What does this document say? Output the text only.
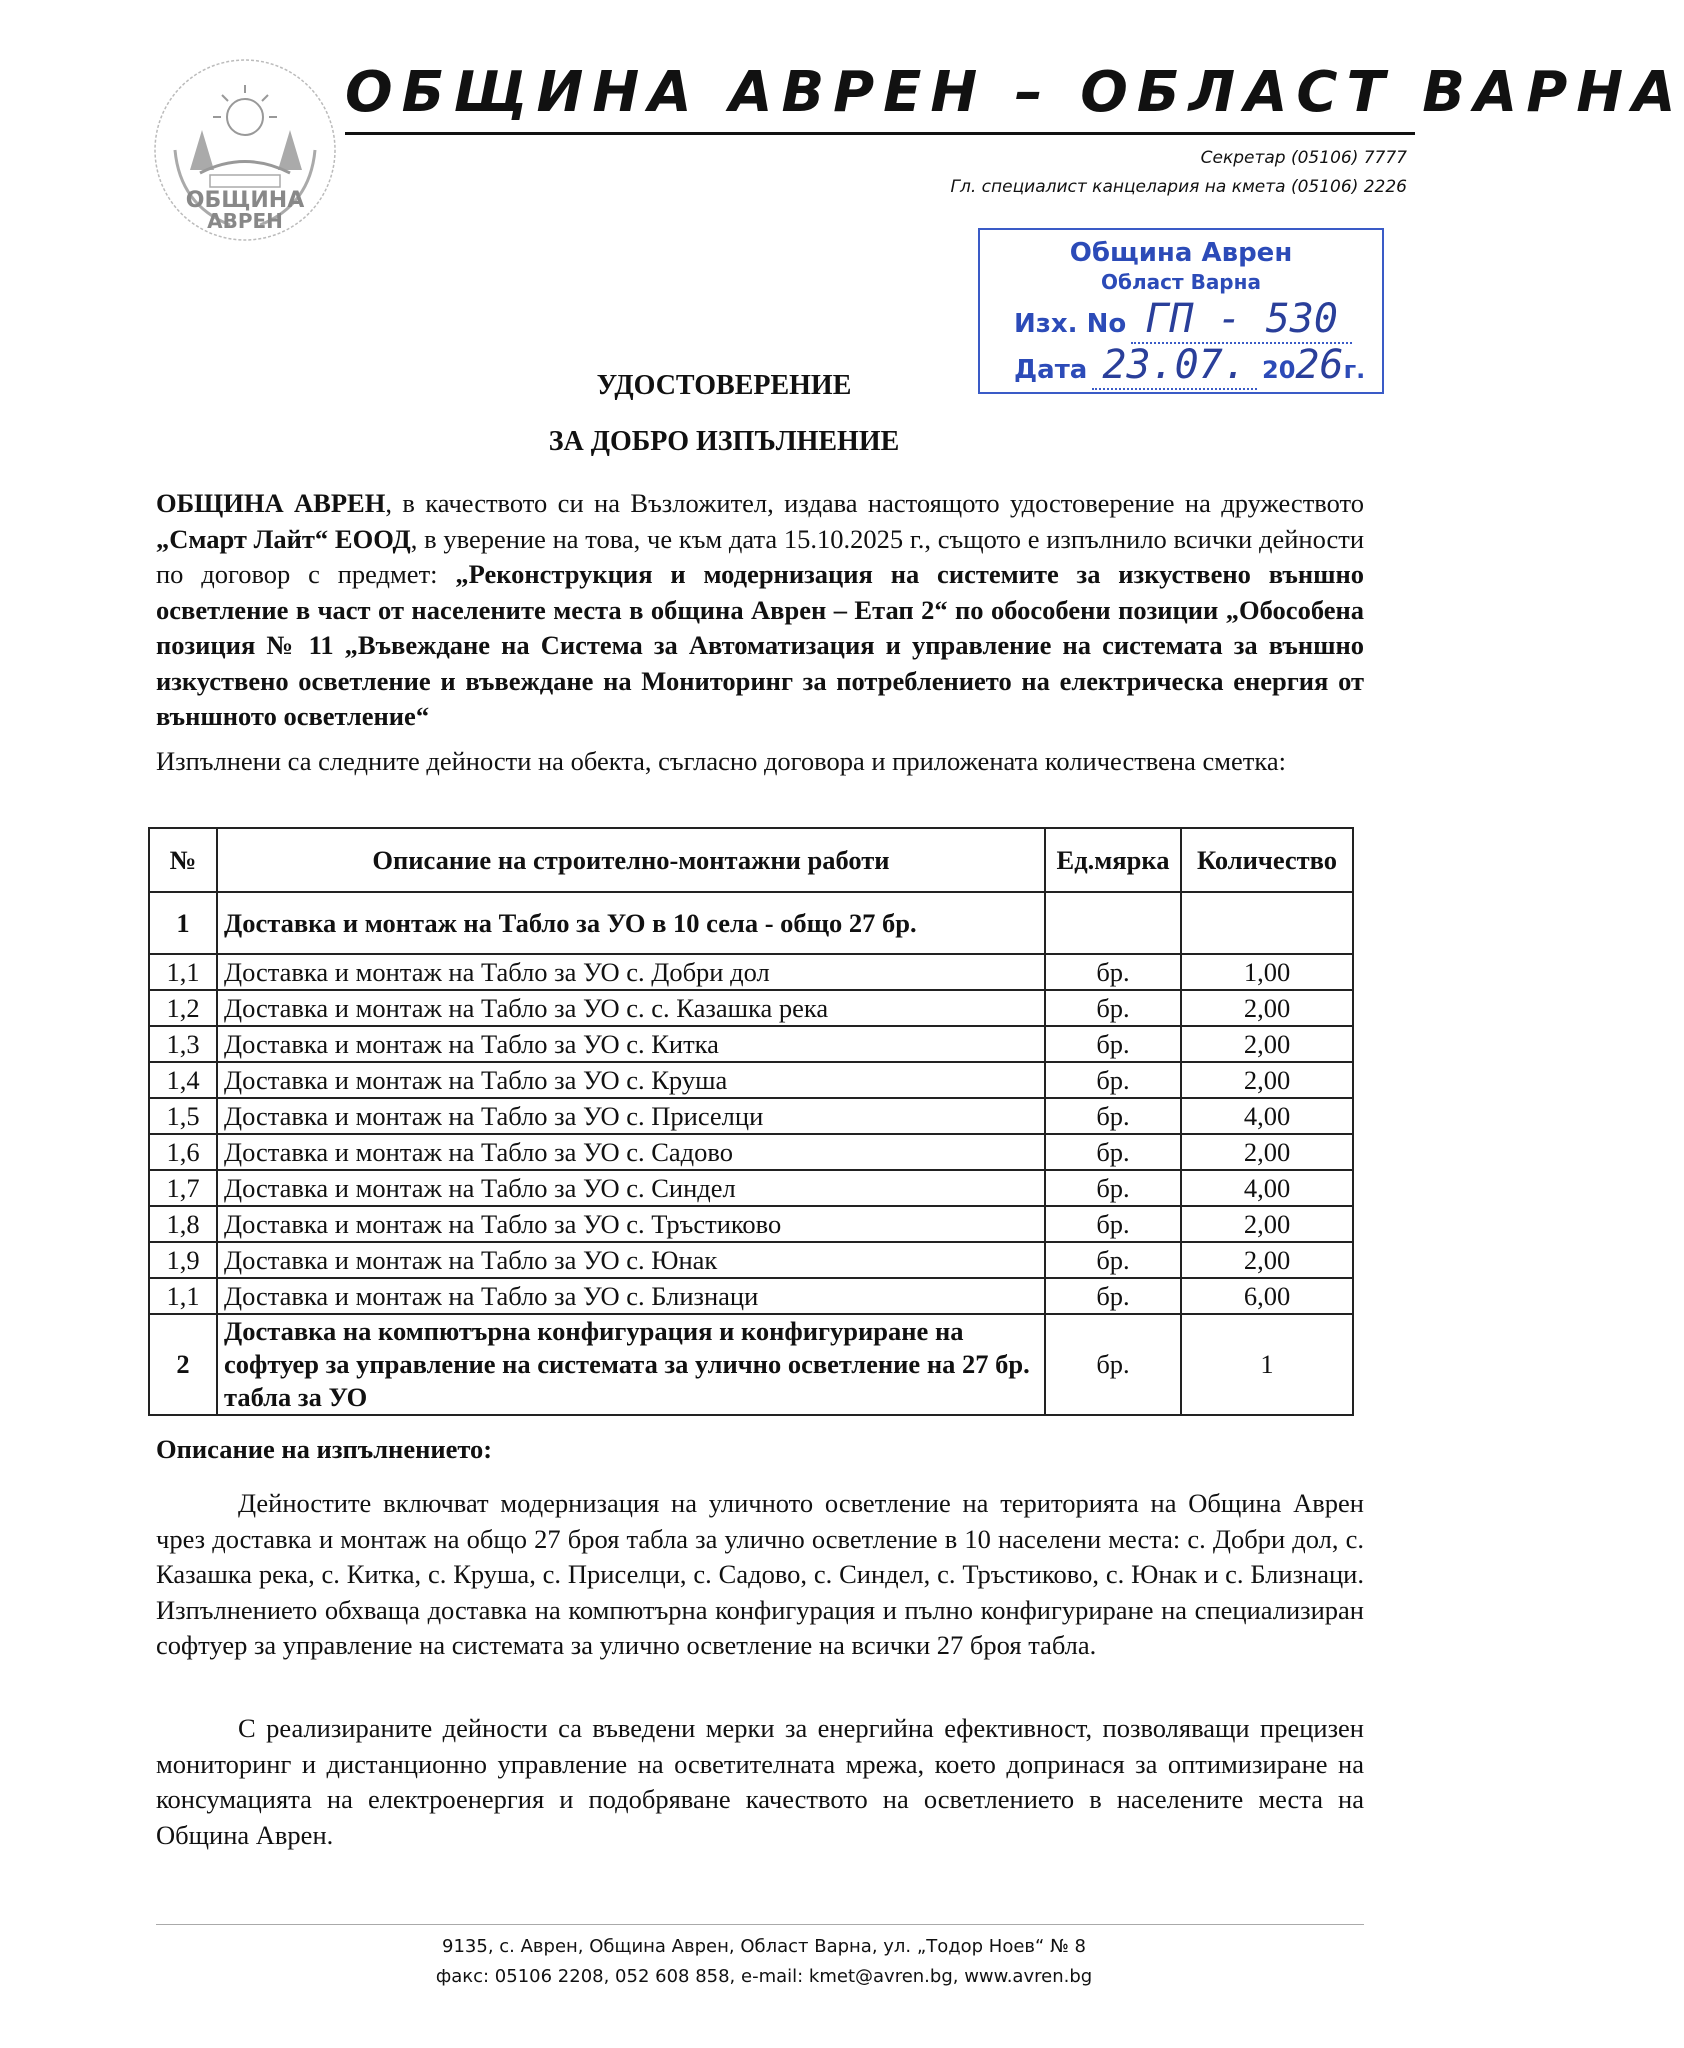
ОБЩИНА
АВРЕН
ОБЩИНА АВРЕН – ОБЛАСТ ВАРНА
Секретар (05106) 7777
Гл. специалист канцелария на кмета (05106) 2226
Община Аврен
Област Варна
Изх. No ГП - 530
Дата 23.07. 2026г.
УДОСТОВЕРЕНИЕ
ЗА ДОБРО ИЗПЪЛНЕНИЕ
ОБЩИНА АВРЕН, в качеството си на Възложител, издава настоящото удостоверение на дружеството „Смарт Лайт“ ЕООД, в уверение на това, че към дата 15.10.2025 г., същото е изпълнило всички дейности по договор с предмет: „Реконструкция и модернизация на системите за изкуствено външно осветление в част от населените места в община Аврен – Етап 2“ по обособени позиции „Обособена позиция № 11 „Въвеждане на Система за Автоматизация и управление на системата за външно изкуствено осветление и въвеждане на Мониторинг за потреблението на електрическа енергия от външното осветление“
Изпълнени са следните дейности на обекта, съгласно договора и приложената количествена сметка:
№	Описание на строително-монтажни работи	Ед.мярка	Количество
1	Доставка и монтаж на Табло за УО в 10 села - общо 27 бр.		
1,1	Доставка и монтаж на Табло за УО с. Добри дол	бр.	1,00
1,2	Доставка и монтаж на Табло за УО с. с. Казашка река	бр.	2,00
1,3	Доставка и монтаж на Табло за УО с. Китка	бр.	2,00
1,4	Доставка и монтаж на Табло за УО с. Круша	бр.	2,00
1,5	Доставка и монтаж на Табло за УО с. Приселци	бр.	4,00
1,6	Доставка и монтаж на Табло за УО с. Садово	бр.	2,00
1,7	Доставка и монтаж на Табло за УО с. Синдел	бр.	4,00
1,8	Доставка и монтаж на Табло за УО с. Тръстиково	бр.	2,00
1,9	Доставка и монтаж на Табло за УО с. Юнак	бр.	2,00
1,1	Доставка и монтаж на Табло за УО с. Близнаци	бр.	6,00
2	Доставка на компютърна конфигурация и конфигуриране на софтуер за управление на системата за улично осветление на 27 бр. табла за УО	бр.	1
Описание на изпълнението:
Дейностите включват модернизация на уличното осветление на територията на Община Аврен чрез доставка и монтаж на общо 27 броя табла за улично осветление в 10 населени места: с. Добри дол, с. Казашка река, с. Китка, с. Круша, с. Приселци, с. Садово, с. Синдел, с. Тръстиково, с. Юнак и с. Близнаци. Изпълнението обхваща доставка на компютърна конфигурация и пълно конфигуриране на специализиран софтуер за управление на системата за улично осветление на всички 27 броя табла.
С реализираните дейности са въведени мерки за енергийна ефективност, позволяващи прецизен мониторинг и дистанционно управление на осветителната мрежа, което допринася за оптимизиране на консумацията на електроенергия и подобряване качеството на осветлението в населените места на Община Аврен.
9135, с. Аврен, Община Аврен, Област Варна, ул. „Тодор Ноев“ № 8
факс: 05106 2208, 052 608 858, e-mail: kmet@avren.bg, www.avren.bg
